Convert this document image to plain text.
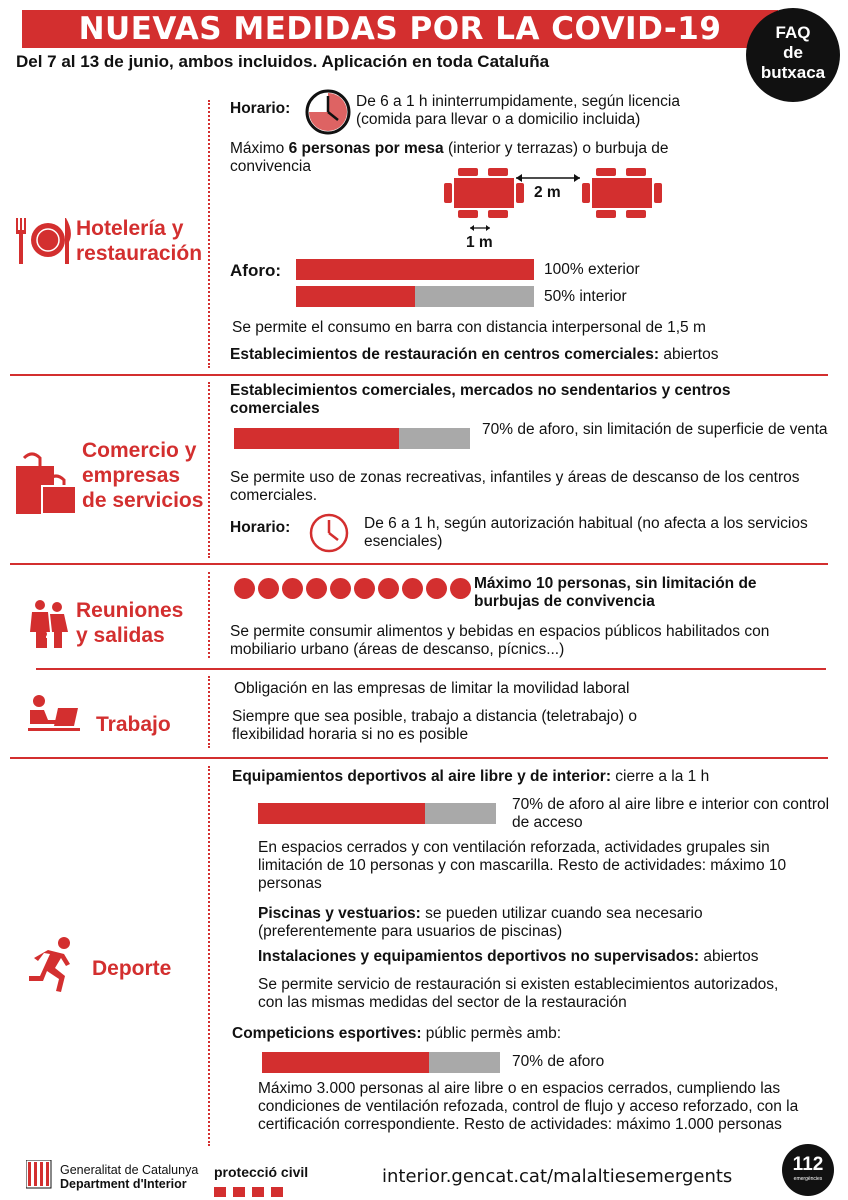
NUEVAS MEDIDAS POR LA COVID-19
Del 7 al 13 de junio, ambos incluidos. Aplicación en toda Cataluña
FAQ
de
butxaca
Hotelería y
restauración
Horario:	De 6 a 1 h ininterrumpidamente, según licencia (comida para llevar o a domicilio incluida)
Máximo 6 personas por mesa (interior y terrazas) o burbuja de convivencia
2 m
1 m
Aforo:	100% exterior
50% interior
Se permite el consumo en barra con distancia interpersonal de 1,5 m
Establecimientos de restauración en centros comerciales: abiertos
Comercio y
empresas
de servicios
Establecimientos comerciales, mercados no sendentarios y centros comerciales
70% de aforo, sin limitación de superficie de venta
Se permite uso de zonas recreativas, infantiles y áreas de descanso de los centros comerciales.
Horario:	De 6 a 1 h, según autorización habitual (no afecta a los servicios esenciales)
Reuniones
y salidas
Máximo 10 personas, sin limitación de burbujas de convivencia
Se permite consumir alimentos y bebidas en espacios públicos habilitados con mobiliario urbano (áreas de descanso, pícnics...)
Trabajo
Obligación en las empresas de limitar la movilidad laboral
Siempre que sea posible, trabajo a distancia (teletrabajo) o flexibilidad horaria si no es posible
Deporte
Equipamientos deportivos al aire libre y de interior: cierre a la 1 h
70% de aforo al aire libre e interior con control de acceso
En espacios cerrados y con ventilación reforzada, actividades grupales sin limitación de 10 personas y con mascarilla. Resto de actividades: máximo 10 personas
Piscinas y vestuarios: se pueden utilizar cuando sea necesario (preferentemente para usuarios de piscinas)
Instalaciones y equipamientos deportivos no supervisados: abiertos
Se permite servicio de restauración si existen establecimientos autorizados, con las mismas medidas del sector de la restauración
Competicions esportives: públic permès amb:
70% de aforo
Máximo 3.000 personas al aire libre o en espacios cerrados, cumpliendo las condiciones de ventilación refozada, control de flujo y acceso reforzado, con la certificación correspondiente. Resto de actividades: máximo 1.000 personas
Generalitat de Catalunya
Department d'Interior
protecció civil	interior.gencat.cat/malaltiesemergents
112
emergències
